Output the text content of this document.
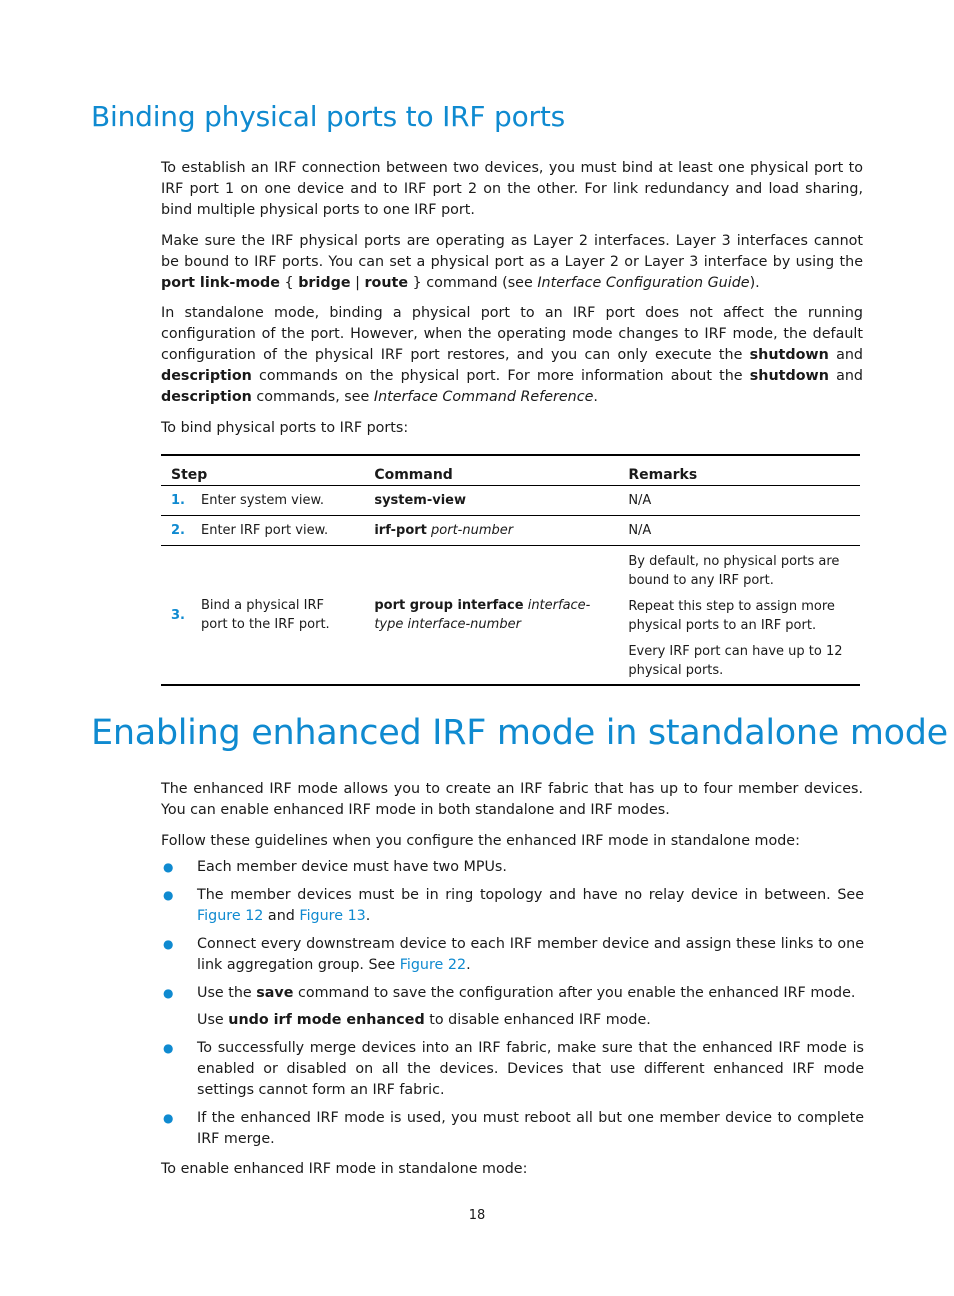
Binding physical ports to IRF ports

To establish an IRF connection between two devices, you must bind at least one physical port to IRF port 1 on one device and to IRF port 2 on the other. For link redundancy and load sharing, bind multiple physical ports to one IRF port.

Make sure the IRF physical ports are operating as Layer 2 interfaces. Layer 3 interfaces cannot be bound to IRF ports. You can set a physical port as a Layer 2 or Layer 3 interface by using the port link-mode { bridge | route } command (see Interface Configuration Guide).

In standalone mode, binding a physical port to an IRF port does not affect the running configuration of the port. However, when the operating mode changes to IRF mode, the default configuration of the physical IRF port restores, and you can only execute the shutdown and description commands on the physical port. For more information about the shutdown and description commands, see Interface Command Reference.

To bind physical ports to IRF ports:

Step		Command	Remarks
1.	Enter system view.	system-view	N/A
2.	Enter IRF port view.	irf-port port-number	N/A
3.	Bind a physical IRF port to the IRF port.	port group interface interface-type interface-number	By default, no physical ports are bound to any IRF port.

Repeat this step to assign more physical ports to an IRF port.

Every IRF port can have up to 12 physical ports.

Enabling enhanced IRF mode in standalone mode

The enhanced IRF mode allows you to create an IRF fabric that has up to four member devices. You can enable enhanced IRF mode in both standalone and IRF modes.

Follow these guidelines when you configure the enhanced IRF mode in standalone mode:

● Each member device must have two MPUs.
● The member devices must be in ring topology and have no relay device in between. See Figure 12 and Figure 13.
● Connect every downstream device to each IRF member device and assign these links to one link aggregation group. See Figure 22.
● Use the save command to save the configuration after you enable the enhanced IRF mode.
Use undo irf mode enhanced to disable enhanced IRF mode.
● To successfully merge devices into an IRF fabric, make sure that the enhanced IRF mode is enabled or disabled on all the devices. Devices that use different enhanced IRF mode settings cannot form an IRF fabric.
● If the enhanced IRF mode is used, you must reboot all but one member device to complete IRF merge.

To enable enhanced IRF mode in standalone mode:

18
